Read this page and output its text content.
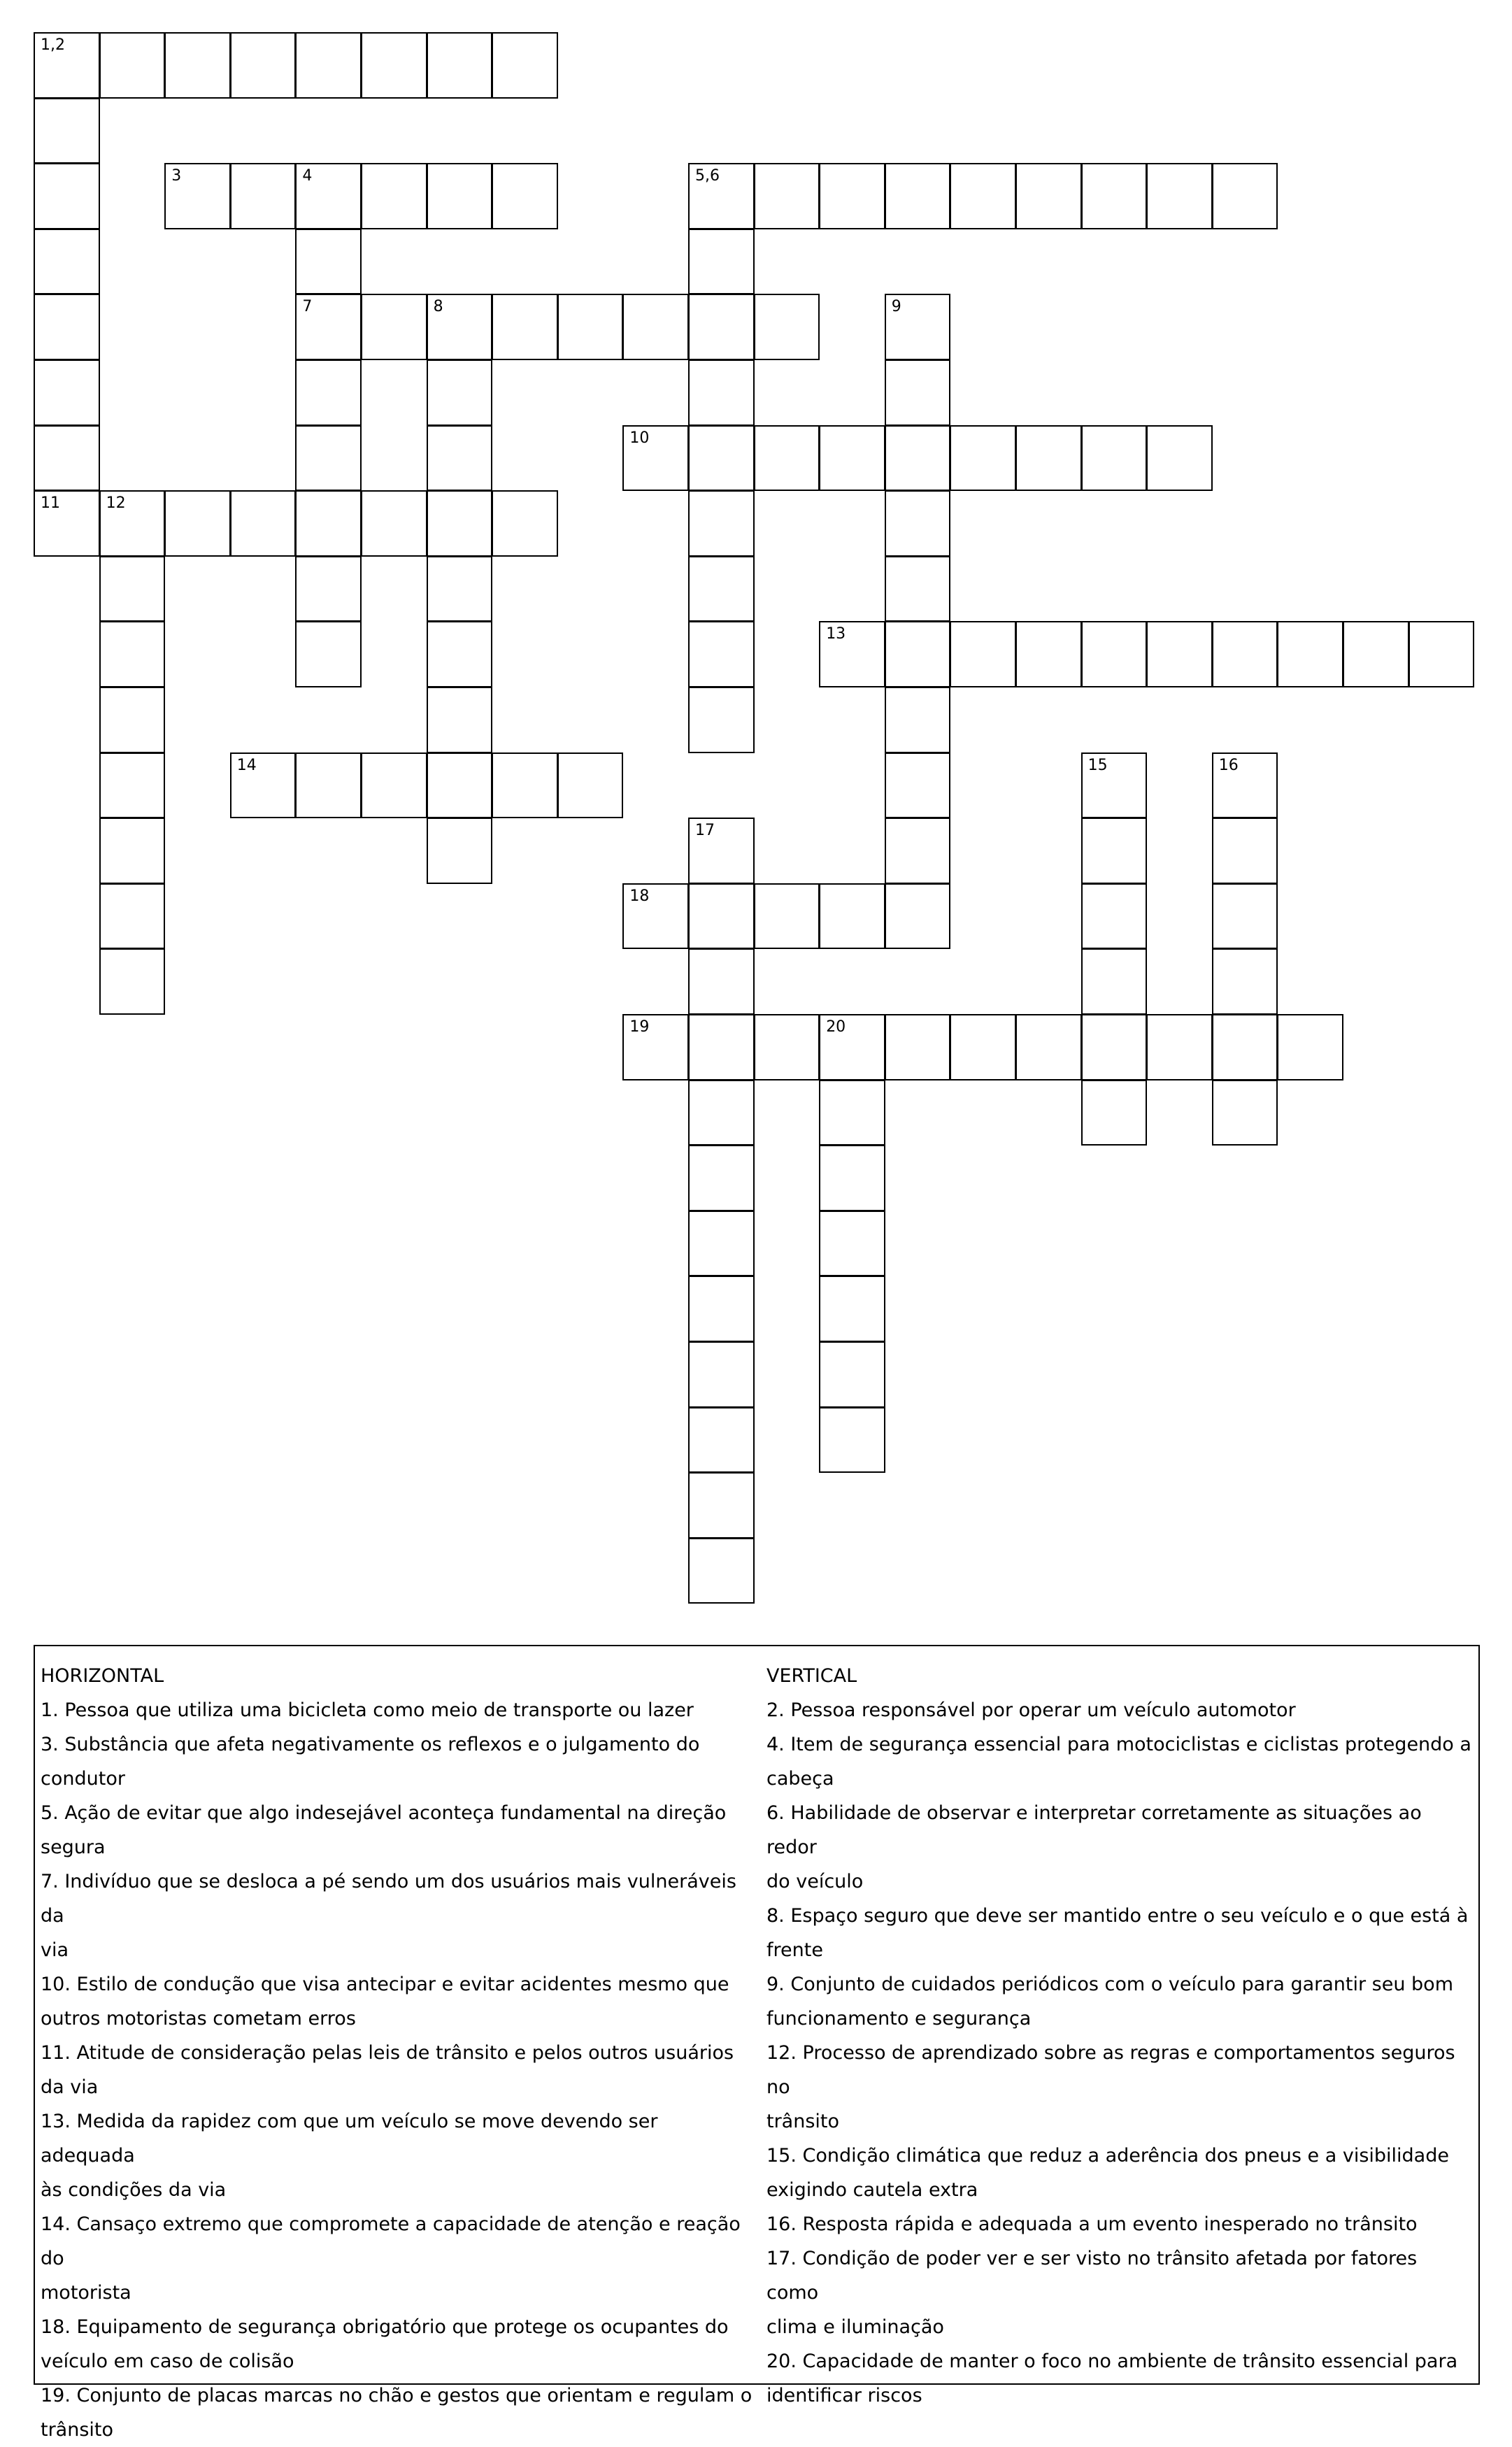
1,2
3	4	5,6
7	8	9
10
11	12
13
14	15	16
17
18
19	20

HORIZONTAL

1. Pessoa que utiliza uma bicicleta como meio de transporte ou lazer

3. Substância que afeta negativamente os reflexos e o julgamento do

condutor

5. Ação de evitar que algo indesejável aconteça fundamental na direção

segura

7. Indivíduo que se desloca a pé sendo um dos usuários mais vulneráveis da

via

10. Estilo de condução que visa antecipar e evitar acidentes mesmo que

outros motoristas cometam erros

11. Atitude de consideração pelas leis de trânsito e pelos outros usuários

da via

13. Medida da rapidez com que um veículo se move devendo ser adequada

às condições da via

14. Cansaço extremo que compromete a capacidade de atenção e reação do

motorista

18. Equipamento de segurança obrigatório que protege os ocupantes do

veículo em caso de colisão

19. Conjunto de placas marcas no chão e gestos que orientam e regulam o

trânsito

VERTICAL

2. Pessoa responsável por operar um veículo automotor

4. Item de segurança essencial para motociclistas e ciclistas protegendo a

cabeça

6. Habilidade de observar e interpretar corretamente as situações ao redor

do veículo

8. Espaço seguro que deve ser mantido entre o seu veículo e o que está à

frente

9. Conjunto de cuidados periódicos com o veículo para garantir seu bom

funcionamento e segurança

12. Processo de aprendizado sobre as regras e comportamentos seguros no

trânsito

15. Condição climática que reduz a aderência dos pneus e a visibilidade

exigindo cautela extra

16. Resposta rápida e adequada a um evento inesperado no trânsito

17. Condição de poder ver e ser visto no trânsito afetada por fatores como

clima e iluminação

20. Capacidade de manter o foco no ambiente de trânsito essencial para

identificar riscos
